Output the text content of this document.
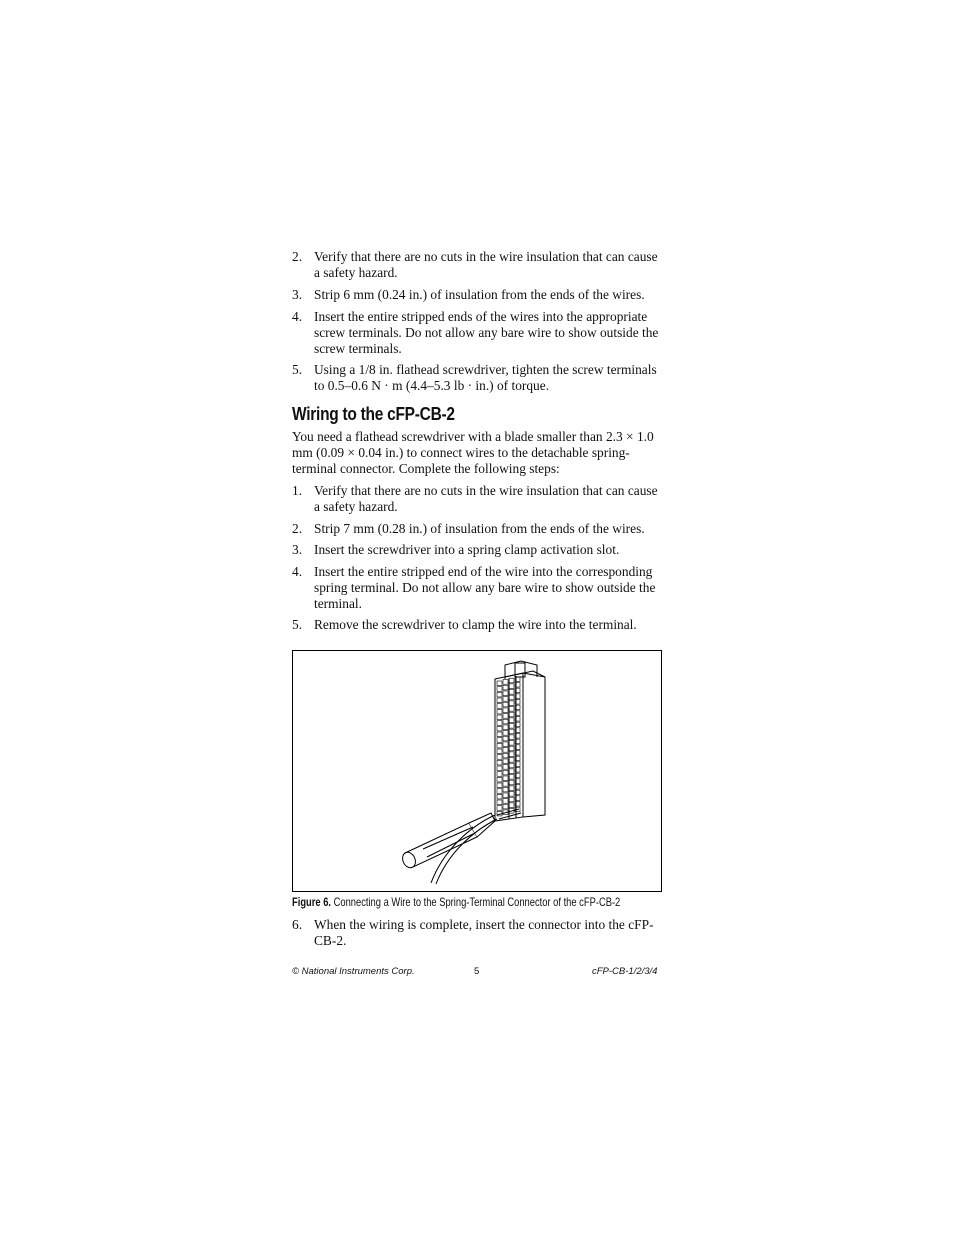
2. Verify that there are no cuts in the wire insulation that can cause a safety hazard.
3. Strip 6 mm (0.24 in.) of insulation from the ends of the wires.
4. Insert the entire stripped ends of the wires into the appropriate screw terminals. Do not allow any bare wire to show outside the screw terminals.
5. Using a 1/8 in. flathead screwdriver, tighten the screw terminals to 0.5–0.6 N · m (4.4–5.3 lb · in.) of torque.
Wiring to the cFP-CB-2
You need a flathead screwdriver with a blade smaller than 2.3 × 1.0 mm (0.09 × 0.04 in.) to connect wires to the detachable spring-terminal connector. Complete the following steps:
1. Verify that there are no cuts in the wire insulation that can cause a safety hazard.
2. Strip 7 mm (0.28 in.) of insulation from the ends of the wires.
3. Insert the screwdriver into a spring clamp activation slot.
4. Insert the entire stripped end of the wire into the corresponding spring terminal. Do not allow any bare wire to show outside the terminal.
5. Remove the screwdriver to clamp the wire into the terminal.
Figure 6. Connecting a Wire to the Spring-Terminal Connector of the cFP-CB-2
6. When the wiring is complete, insert the connector into the cFP-CB-2.
© National Instruments Corp.	5	cFP-CB-1/2/3/4
